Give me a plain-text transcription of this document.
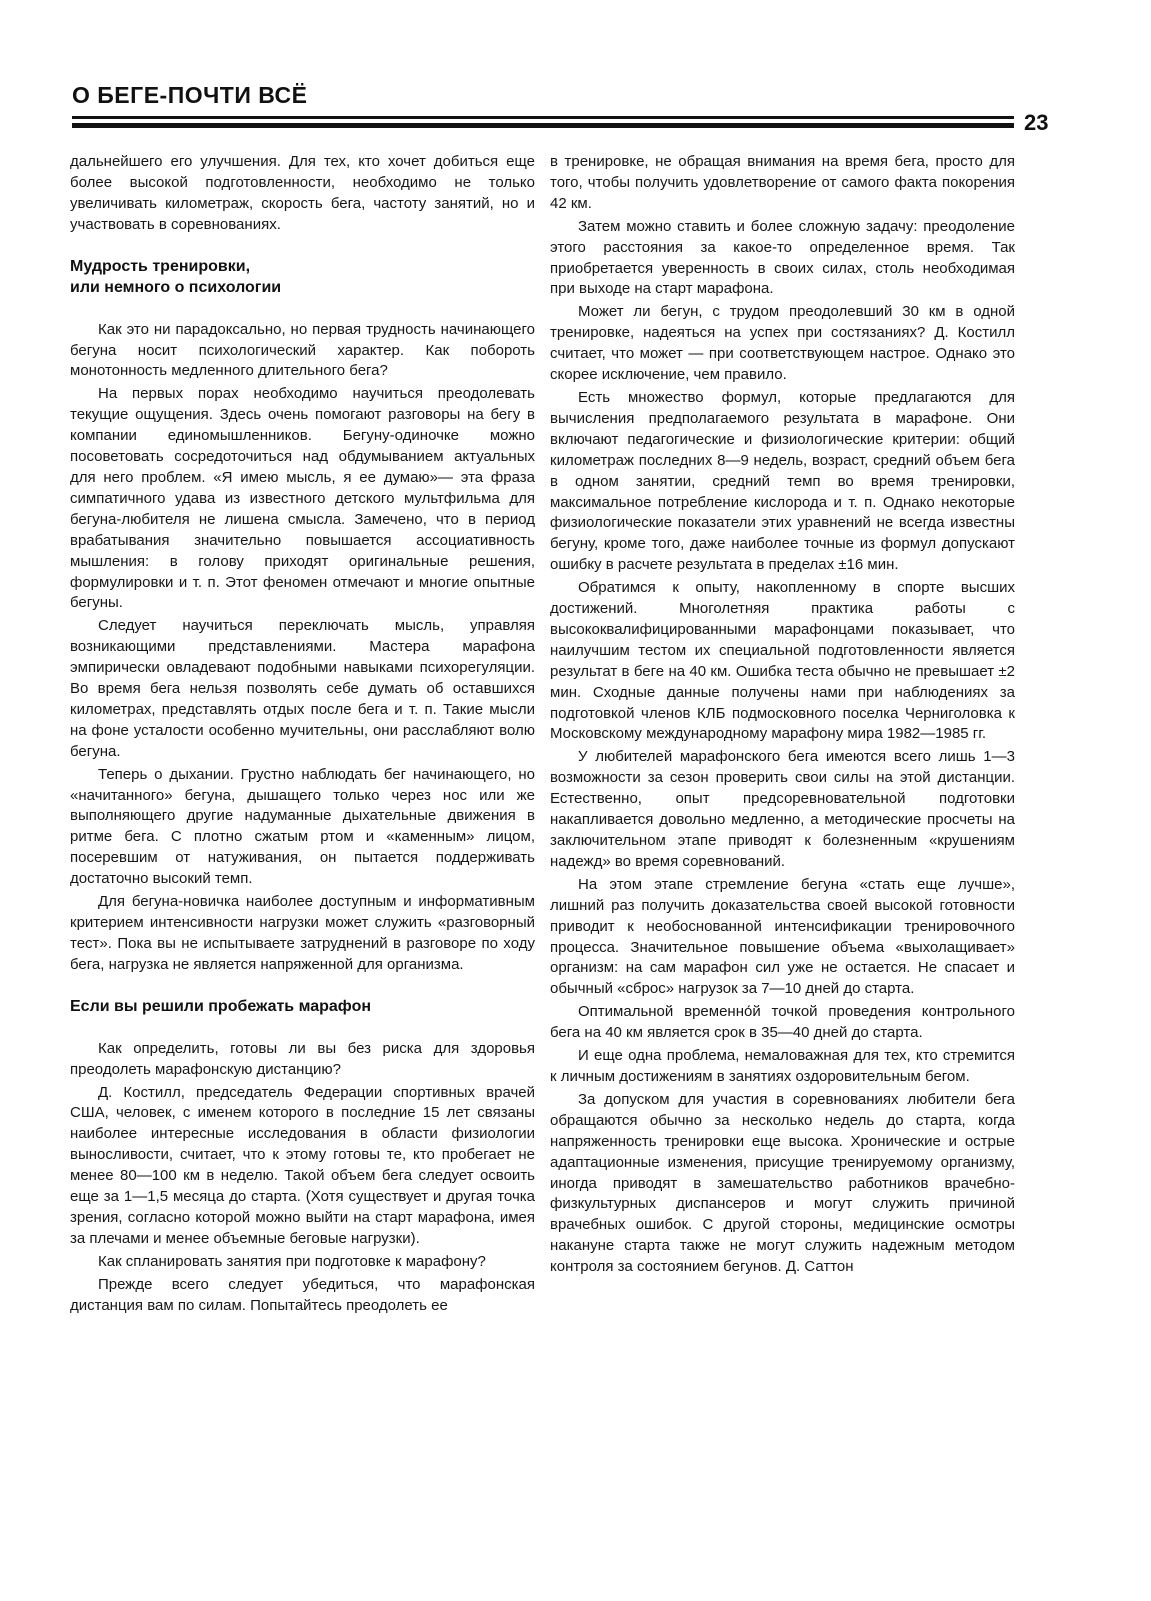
О БЕГЕ-ПОЧТИ ВСЁ
23

дальнейшего его улучшения. Для тех, кто хочет добиться еще более высокой подготовленности, необходимо не только увеличивать километраж, скорость бега, частоту занятий, но и участвовать в соревнованиях.

Мудрость тренировки,
или немного о психологии

Как это ни парадоксально, но первая трудность начинающего бегуна носит психологический характер. Как побороть монотонность медленного длительного бега?

На первых порах необходимо научиться преодолевать текущие ощущения. Здесь очень помогают разговоры на бегу в компании единомышленников. Бегуну-одиночке можно посоветовать сосредоточиться над обдумыванием актуальных для него проблем. «Я имею мысль, я ее думаю»— эта фраза симпатичного удава из известного детского мультфильма для бегуна-любителя не лишена смысла. Замечено, что в период врабатывания значительно повышается ассоциативность мышления: в голову приходят оригинальные решения, формулировки и т. п. Этот феномен отмечают и многие опытные бегуны.

Следует научиться переключать мысль, управляя возникающими представлениями. Мастера марафона эмпирически овладевают подобными навыками психорегуляции. Во время бега нельзя позволять себе думать об оставшихся километрах, представлять отдых после бега и т. п. Такие мысли на фоне усталости особенно мучительны, они расслабляют волю бегуна.

Теперь о дыхании. Грустно наблюдать бег начинающего, но «начитанного» бегуна, дышащего только через нос или же выполняющего другие надуманные дыхательные движения в ритме бега. С плотно сжатым ртом и «каменным» лицом, посеревшим от натуживания, он пытается поддерживать достаточно высокий темп.

Для бегуна-новичка наиболее доступным и информативным критерием интенсивности нагрузки может служить «разговорный тест». Пока вы не испытываете затруднений в разговоре по ходу бега, нагрузка не является напряженной для организма.

Если вы решили пробежать марафон

Как определить, готовы ли вы без риска для здоровья преодолеть марафонскую дистанцию?

Д. Костилл, председатель Федерации спортивных врачей США, человек, с именем которого в последние 15 лет связаны наиболее интересные исследования в области физиологии выносливости, считает, что к этому готовы те, кто пробегает не менее 80—100 км в неделю. Такой объем бега следует освоить еще за 1—1,5 месяца до старта. (Хотя существует и другая точка зрения, согласно которой можно выйти на старт марафона, имея за плечами и менее объемные беговые нагрузки).

Как спланировать занятия при подготовке к марафону?

Прежде всего следует убедиться, что марафонская дистанция вам по силам. Попытайтесь преодолеть ее

в тренировке, не обращая внимания на время бега, просто для того, чтобы получить удовлетворение от самого факта покорения 42 км.

Затем можно ставить и более сложную задачу: преодоление этого расстояния за какое-то определенное время. Так приобретается уверенность в своих силах, столь необходимая при выходе на старт марафона.

Может ли бегун, с трудом преодолевший 30 км в одной тренировке, надеяться на успех при состязаниях? Д. Костилл считает, что может — при соответствующем настрое. Однако это скорее исключение, чем правило.

Есть множество формул, которые предлагаются для вычисления предполагаемого результата в марафоне. Они включают педагогические и физиологические критерии: общий километраж последних 8—9 недель, возраст, средний объем бега в одном занятии, средний темп во время тренировки, максимальное потребление кислорода и т. п. Однако некоторые физиологические показатели этих уравнений не всегда известны бегуну, кроме того, даже наиболее точные из формул допускают ошибку в расчете результата в пределах ±16 мин.

Обратимся к опыту, накопленному в спорте высших достижений. Многолетняя практика работы с высококвалифицированными марафонцами показывает, что наилучшим тестом их специальной подготовленности является результат в беге на 40 км. Ошибка теста обычно не превышает ±2 мин. Сходные данные получены нами при наблюдениях за подготовкой членов КЛБ подмосковного поселка Черниголовка к Московскому международному марафону мира 1982—1985 гг.

У любителей марафонского бега имеются всего лишь 1—3 возможности за сезон проверить свои силы на этой дистанции. Естественно, опыт предсоревновательной подготовки накапливается довольно медленно, а методические просчеты на заключительном этапе приводят к болезненным «крушениям надежд» во время соревнований.

На этом этапе стремление бегуна «стать еще лучше», лишний раз получить доказательства своей высокой готовности приводит к необоснованной интенсификации тренировочного процесса. Значительное повышение объема «выхолащивает» организм: на сам марафон сил уже не остается. Не спасает и обычный «сброс» нагрузок за 7—10 дней до старта.

Оптимальной временно́й точкой проведения контрольного бега на 40 км является срок в 35—40 дней до старта.

И еще одна проблема, немаловажная для тех, кто стремится к личным достижениям в занятиях оздоровительным бегом.

За допуском для участия в соревнованиях любители бега обращаются обычно за несколько недель до старта, когда напряженность тренировки еще высока. Хронические и острые адаптационные изменения, присущие тренируемому организму, иногда приводят в замешательство работников врачебно-физкультурных диспансеров и могут служить причиной врачебных ошибок. С другой стороны, медицинские осмотры накануне старта также не могут служить надежным методом контроля за состоянием бегунов. Д. Саттон
